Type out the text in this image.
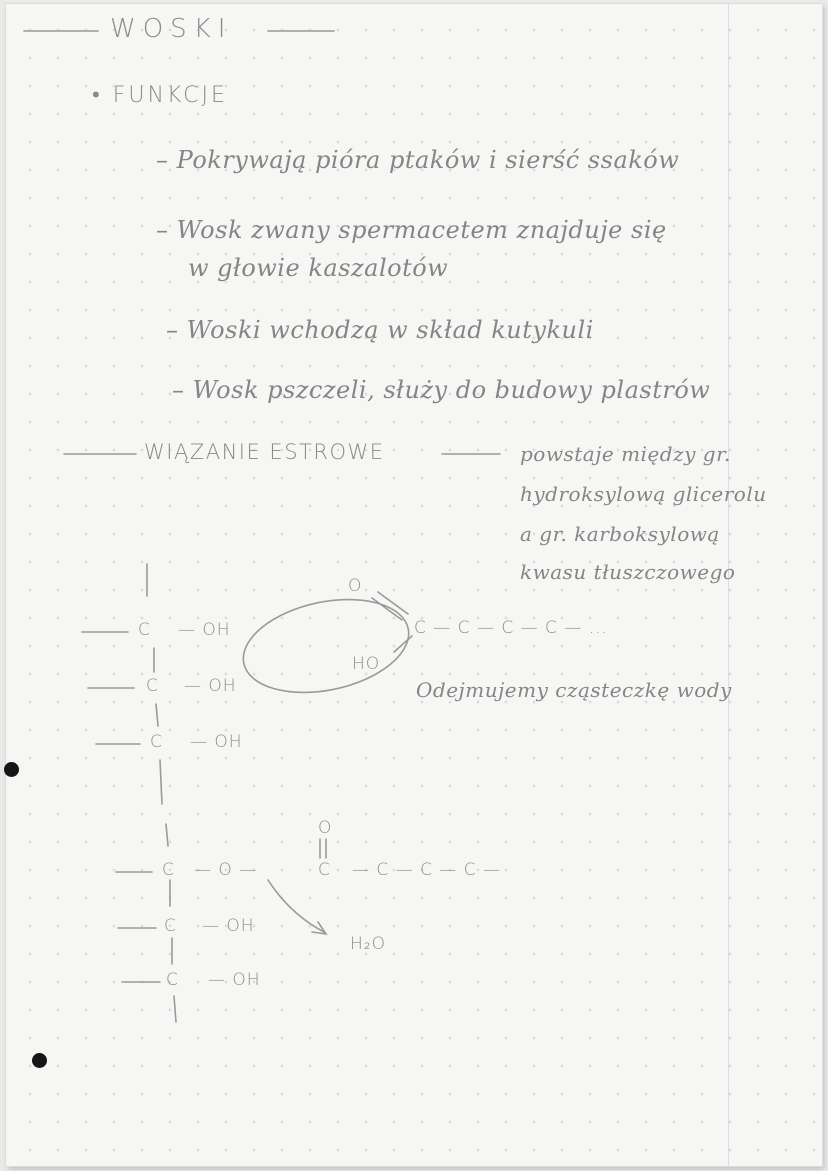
WOSKI
• FUNKCJE
– Pokrywają pióra ptaków i sierść ssaków
– Wosk zwany spermacetem znajduje się
w głowie kaszalotów
– Woski wchodzą w skład kutykuli
– Wosk pszczeli, służy do budowy plastrów
WIĄZANIE ESTROWE	powstaje między gr.
hydroksylową glicerolu
a gr. karboksylową
kwasu tłuszczowego
C — OH
C — OH
C — OH
O
HO
C — C — C — C — ...
Odejmujemy cząsteczkę wody
C — O —
O
C — C — C — C —
C — OH
C — OH
H₂O
